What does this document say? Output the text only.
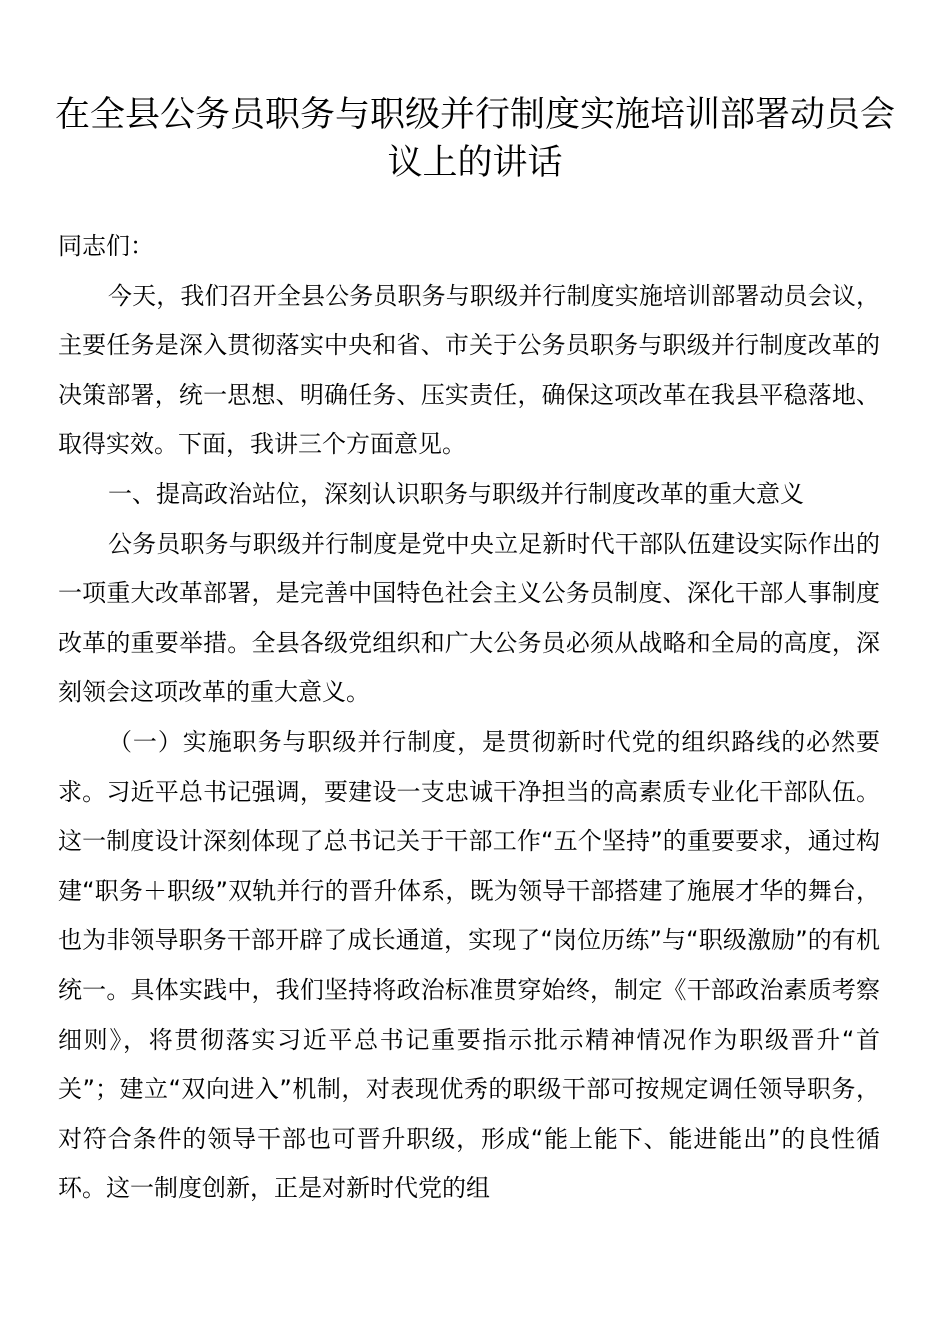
在全县公务员职务与职级并行制度实施培训部署动员会议上的讲话

同志们：

今天，我们召开全县公务员职务与职级并行制度实施培训部署动员会议，主要任务是深入贯彻落实中央和省、市关于公务员职务与职级并行制度改革的决策部署，统一思想、明确任务、压实责任，确保这项改革在我县平稳落地、取得实效。下面，我讲三个方面意见。

一、提高政治站位，深刻认识职务与职级并行制度改革的重大意义

公务员职务与职级并行制度是党中央立足新时代干部队伍建设实际作出的一项重大改革部署，是完善中国特色社会主义公务员制度、深化干部人事制度改革的重要举措。全县各级党组织和广大公务员必须从战略和全局的高度，深刻领会这项改革的重大意义。

（一）实施职务与职级并行制度，是贯彻新时代党的组织路线的必然要求。习近平总书记强调，要建设一支忠诚干净担当的高素质专业化干部队伍。这一制度设计深刻体现了总书记关于干部工作“五个坚持”的重要要求，通过构建“职务＋职级”双轨并行的晋升体系，既为领导干部搭建了施展才华的舞台，也为非领导职务干部开辟了成长通道，实现了“岗位历练”与“职级激励”的有机统一。具体实践中，我们坚持将政治标准贯穿始终，制定《干部政治素质考察细则》，将贯彻落实习近平总书记重要指示批示精神情况作为职级晋升“首关”；建立“双向进入”机制，对表现优秀的职级干部可按规定调任领导职务，对符合条件的领导干部也可晋升职级，形成“能上能下、能进能出”的良性循环。这一制度创新，正是对新时代党的组
